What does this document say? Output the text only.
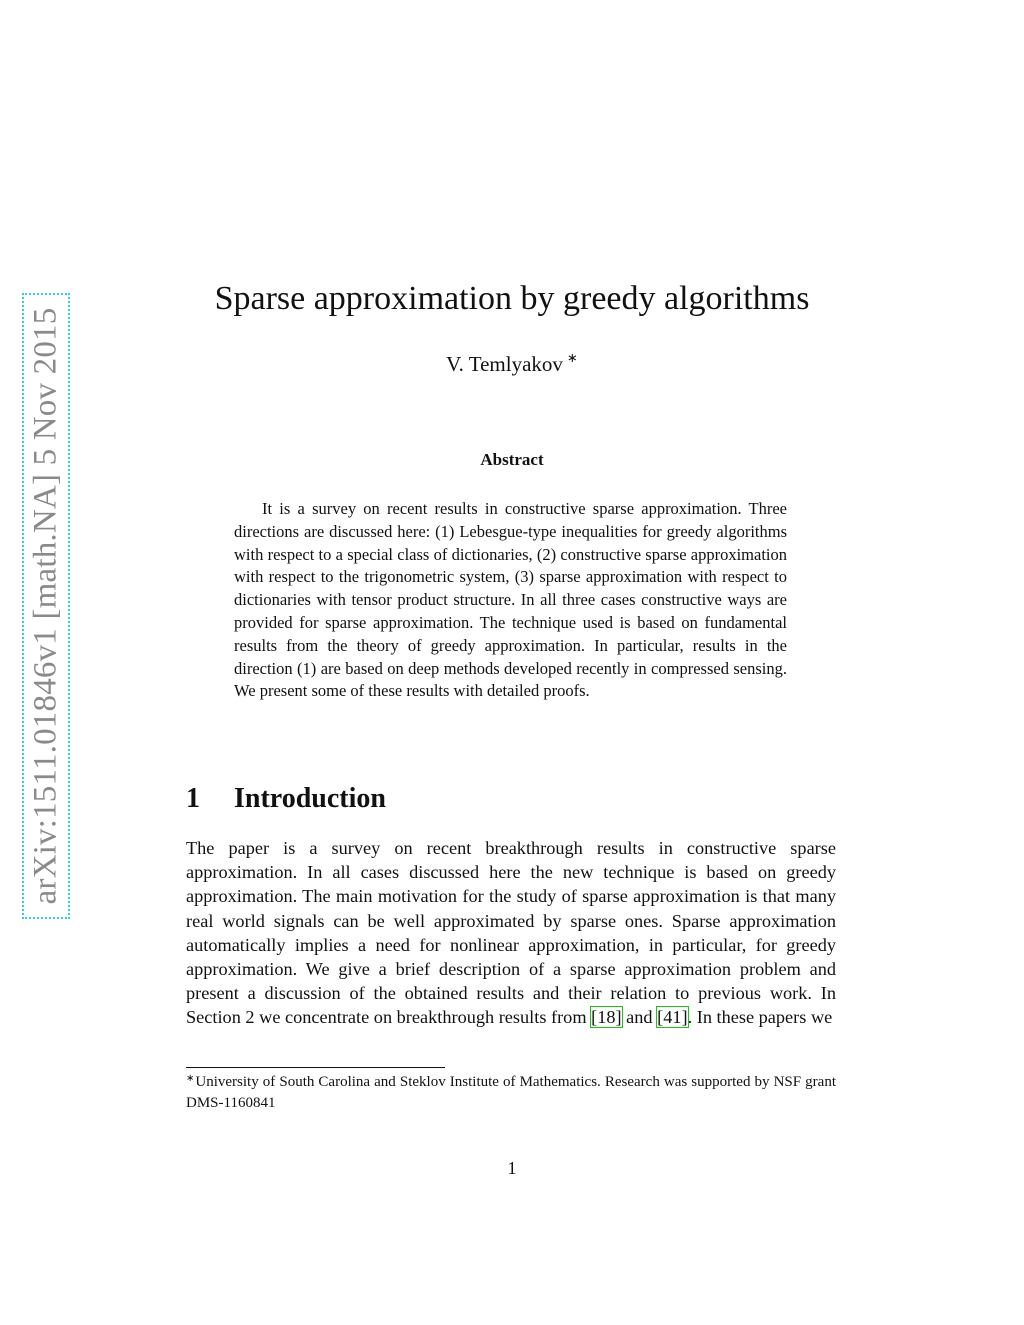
arXiv:1511.01846v1 [math.NA] 5 Nov 2015
Sparse approximation by greedy algorithms
V. Temlyakov ∗
Abstract

It is a survey on recent results in constructive sparse approximation. Three directions are discussed here: (1) Lebesgue-type inequalities for greedy algorithms with respect to a special class of dictionaries, (2) constructive sparse approximation with respect to the trigonometric system, (3) sparse approximation with respect to dictionaries with tensor product structure. In all three cases constructive ways are provided for sparse approximation. The technique used is based on fundamental results from the theory of greedy approximation. In particular, results in the direction (1) are based on deep methods developed recently in compressed sensing. We present some of these results with detailed proofs.

1 Introduction

The paper is a survey on recent breakthrough results in constructive sparse approximation. In all cases discussed here the new technique is based on greedy approximation. The main motivation for the study of sparse approximation is that many real world signals can be well approximated by sparse ones. Sparse approximation automatically implies a need for nonlinear approximation, in particular, for greedy approximation. We give a brief description of a sparse approximation problem and present a discussion of the obtained results and their relation to previous work. In Section 2 we concentrate on breakthrough results from [18] and [41]. In these papers we

∗University of South Carolina and Steklov Institute of Mathematics. Research was supported by NSF grant DMS-1160841

1
